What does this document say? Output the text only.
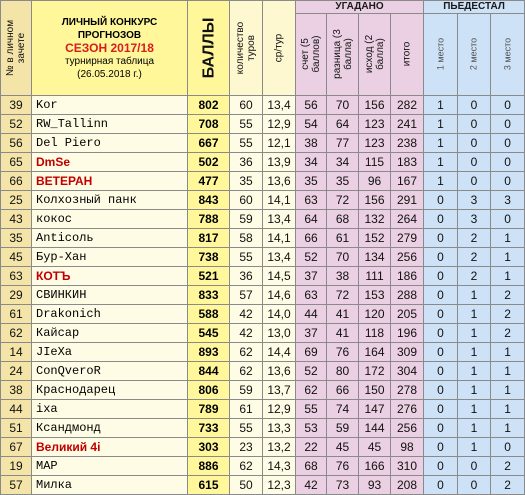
№ в личном зачете	ЛИЧНЫЙ КОНКУРС
ПРОГНОЗОВ
СЕЗОН 2017/18
турнирная таблица
(26.05.2018 г.)	БАЛЛЫ	количество туров	ср/тур	УГАДАНО				ПЬЕДЕСТАЛ		

					счет (5 баллов)	разница (3 балла)	исход (2 балла)	итого	1 место	2 место	3 место

39	Kor	802	60	13,4	56	70	156	282	1	0	0
52	RW_Tallinn	708	55	12,9	54	64	123	241	1	0	0
56	Del Piero	667	55	12,1	38	77	123	238	1	0	0
65	DmSe	502	36	13,9	34	34	115	183	1	0	0
66	ВЕТЕРАН	477	35	13,6	35	35	96	167	1	0	0
25	Колхозный панк	843	60	14,1	63	72	156	291	0	3	3
43	кокос	788	59	13,4	64	68	132	264	0	3	0
35	Anticoль	817	58	14,1	66	61	152	279	0	2	1
45	Бур-Хан	738	55	13,4	52	70	134	256	0	2	1
63	КОТЪ	521	36	14,5	37	38	111	186	0	2	1
29	СВИНКИН	833	57	14,6	63	72	153	288	0	1	2
61	Drakonich	588	42	14,0	44	41	120	205	0	1	2
62	Кайсар	545	42	13,0	37	41	118	196	0	1	2
14	JIeXa	893	62	14,4	69	76	164	309	0	1	1
24	ConQveroR	844	62	13,6	52	80	172	304	0	1	1
38	Краснодарец	806	59	13,7	62	66	150	278	0	1	1
44	ixa	789	61	12,9	55	74	147	276	0	1	1
51	Ксандмонд	733	55	13,3	53	59	144	256	0	1	1
67	Великий 4i	303	23	13,2	22	45	45	98	0	1	0
19	МАР	886	62	14,3	68	76	166	310	0	0	2
57	Милка	615	50	12,3	42	73	93	208	0	0	2
